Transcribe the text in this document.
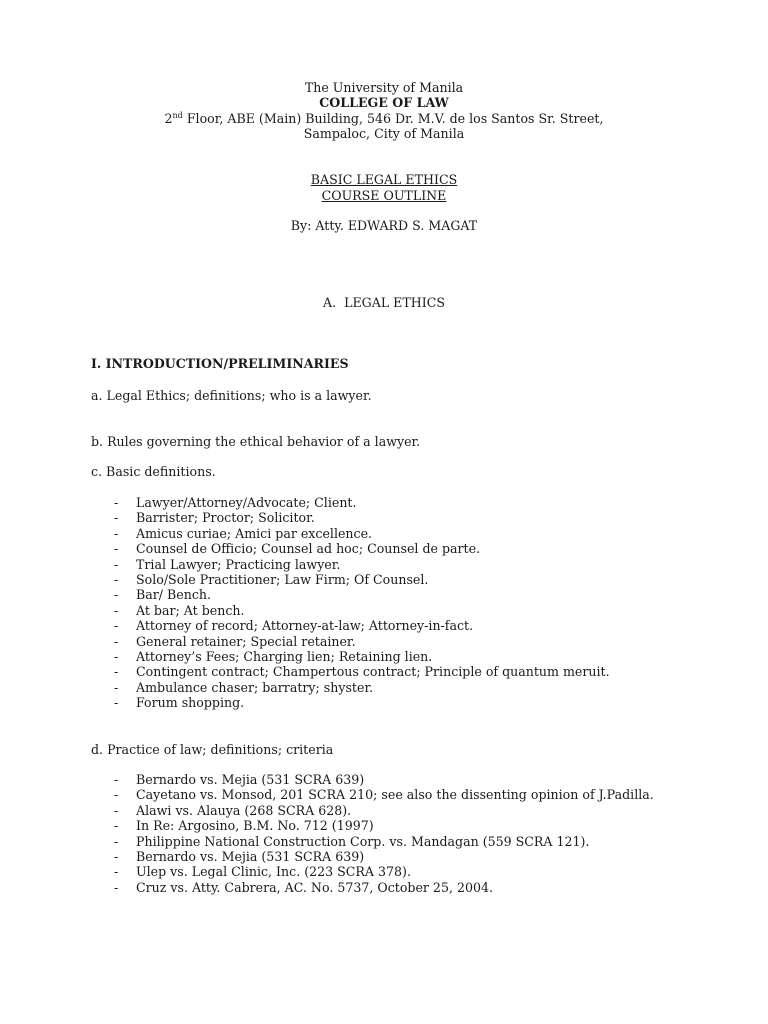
The University of Manila
COLLEGE OF LAW
2nd Floor, ABE (Main) Building, 546 Dr. M.V. de los Santos Sr. Street,
Sampaloc, City of Manila
BASIC LEGAL ETHICS
COURSE OUTLINE
By: Atty. EDWARD S. MAGAT
A.  LEGAL ETHICS
I. INTRODUCTION/PRELIMINARIES
a. Legal Ethics; definitions; who is a lawyer.
b. Rules governing the ethical behavior of a lawyer.
c. Basic definitions.
- Lawyer/Attorney/Advocate; Client.
- Barrister; Proctor; Solicitor.
- Amicus curiae; Amici par excellence.
- Counsel de Officio; Counsel ad hoc; Counsel de parte.
- Trial Lawyer; Practicing lawyer.
- Solo/Sole Practitioner; Law Firm; Of Counsel.
- Bar/ Bench.
- At bar; At bench.
- Attorney of record; Attorney-at-law; Attorney-in-fact.
- General retainer; Special retainer.
- Attorney’s Fees; Charging lien; Retaining lien.
- Contingent contract; Champertous contract; Principle of quantum meruit.
- Ambulance chaser; barratry; shyster.
- Forum shopping.
d. Practice of law; definitions; criteria
- Bernardo vs. Mejia (531 SCRA 639)
- Cayetano vs. Monsod, 201 SCRA 210; see also the dissenting opinion of J.Padilla.
- Alawi vs. Alauya (268 SCRA 628).
- In Re: Argosino, B.M. No. 712 (1997)
- Philippine National Construction Corp. vs. Mandagan (559 SCRA 121).
- Bernardo vs. Mejia (531 SCRA 639)
- Ulep vs. Legal Clinic, Inc. (223 SCRA 378).
- Cruz vs. Atty. Cabrera, AC. No. 5737, October 25, 2004.
